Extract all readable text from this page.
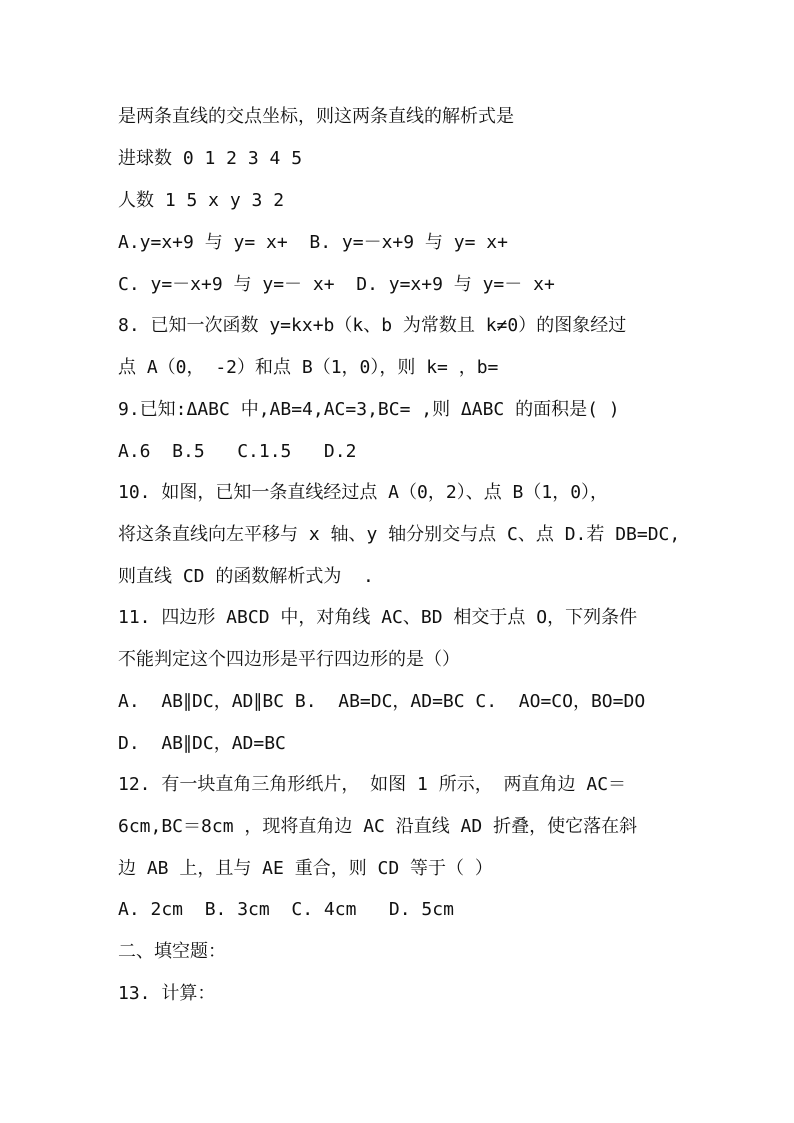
是两条直线的交点坐标，则这两条直线的解析式是
进球数 0 1 2 3 4 5
人数 1 5 x y 3 2
A.y=x+9 与 y= x+  B. y=－x+9 与 y= x+
C. y=－x+9 与 y=－ x+  D. y=x+9 与 y=－ x+
8. 已知一次函数 y=kx+b（k、b 为常数且 k≠0）的图象经过
点 A（0， -2）和点 B（1，0），则 k= ，b=
9.已知:ΔABC 中,AB=4,AC=3,BC= ,则 ΔABC 的面积是( )
A.6  B.5   C.1.5   D.2
10. 如图，已知一条直线经过点 A（0，2）、点 B（1，0），
将这条直线向左平移与 x 轴、y 轴分别交与点 C、点 D.若 DB=DC,
则直线 CD 的函数解析式为  .
11. 四边形 ABCD 中，对角线 AC、BD 相交于点 O，下列条件
不能判定这个四边形是平行四边形的是（）
A.  AB∥DC，AD∥BC B.  AB=DC，AD=BC C.  AO=CO，BO=DO
D.  AB∥DC，AD=BC
12. 有一块直角三角形纸片， 如图 1 所示， 两直角边 AC＝
6cm,BC＝8cm ，现将直角边 AC 沿直线 AD 折叠，使它落在斜
边 AB 上，且与 AE 重合，则 CD 等于（ ）
A. 2cm  B. 3cm  C. 4cm   D. 5cm
二、填空题：
13. 计算：
